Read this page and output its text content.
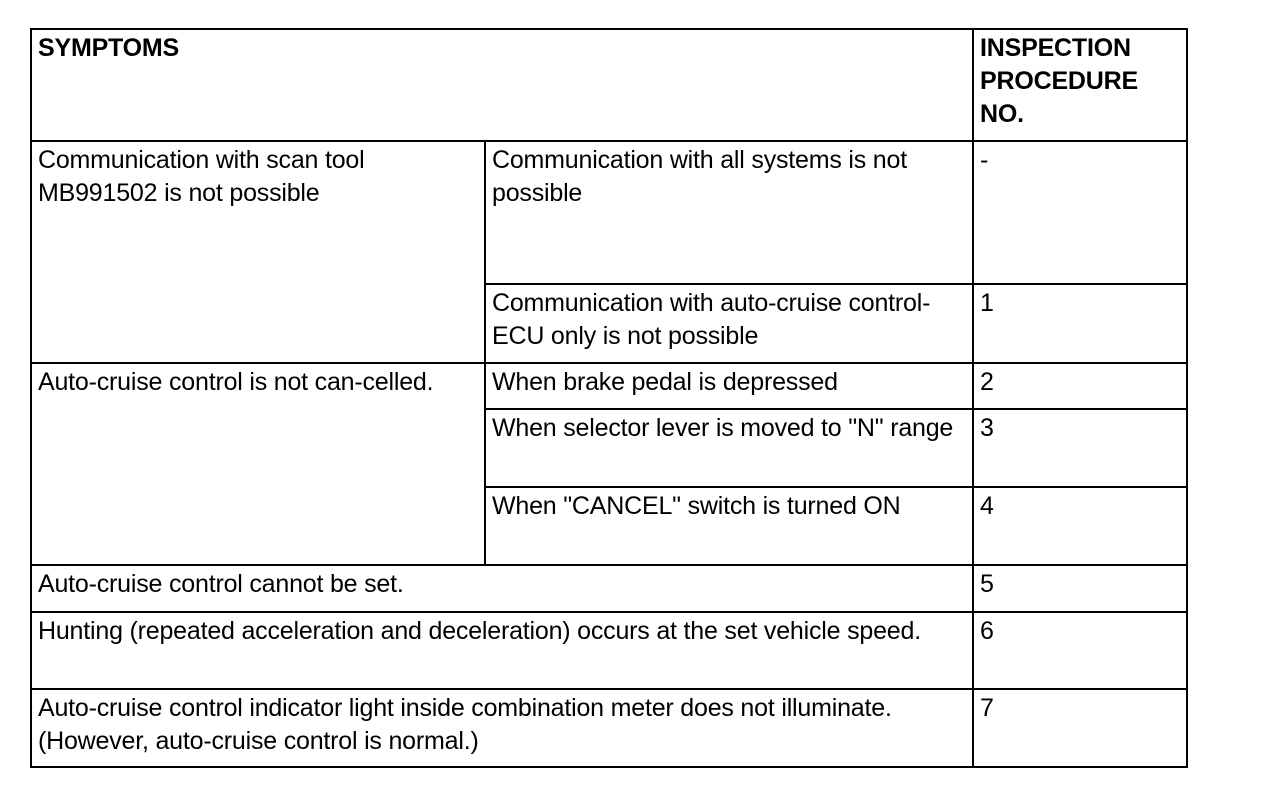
SYMPTOMS		INSPECTION
PROCEDURE
NO.
Communication with scan tool MB991502 is not possible	Communication with all systems is not possible	-
	Communication with auto-cruise control-ECU only is not possible	1
Auto-cruise control is not can-celled.	When brake pedal is depressed	2
	When selector lever is moved to "N" range	3
	When "CANCEL" switch is turned ON	4
Auto-cruise control cannot be set.		5
Hunting (repeated acceleration and deceleration) occurs at the set vehicle speed.		6
Auto-cruise control indicator light inside combination meter does not illuminate. (However, auto-cruise control is normal.)		7
